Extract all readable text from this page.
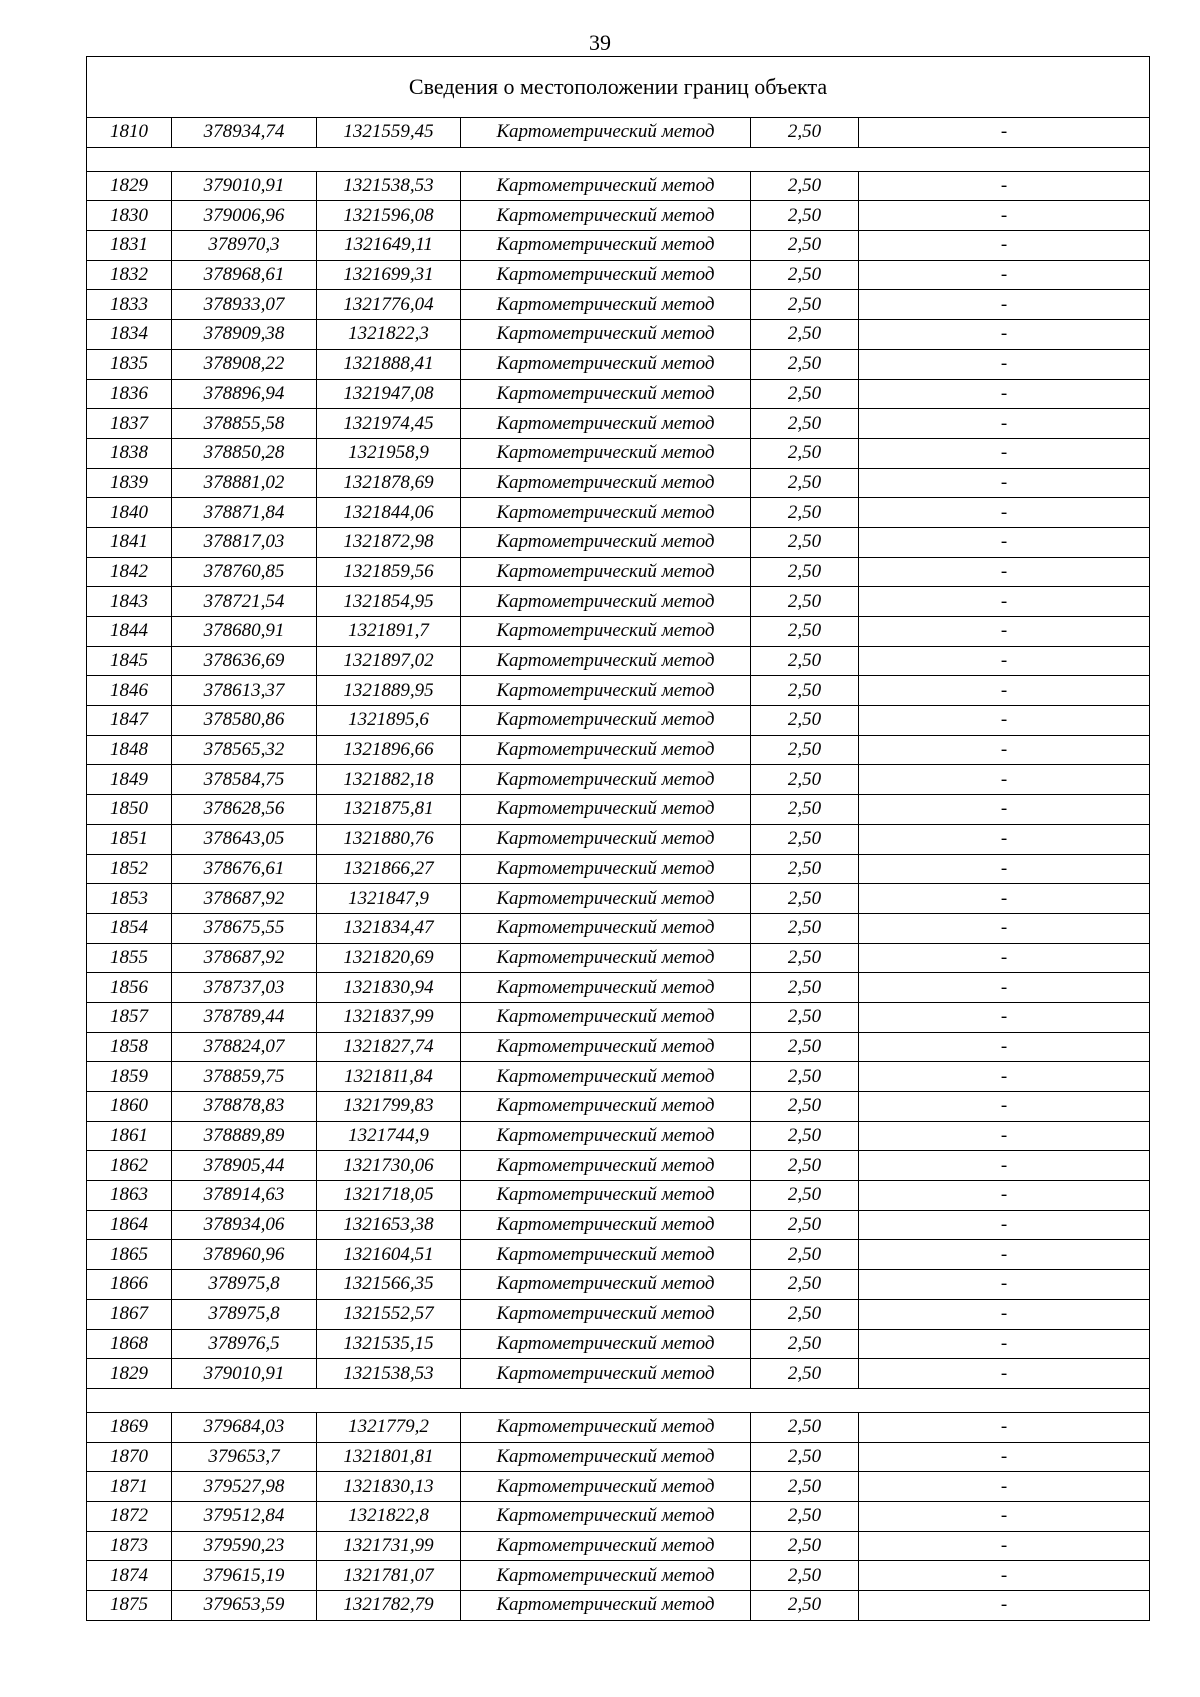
39
Сведения о местоположении границ объекта					
1810	378934,74	1321559,45	Картометрический метод	2,50	-

1829	379010,91	1321538,53	Картометрический метод	2,50	-
1830	379006,96	1321596,08	Картометрический метод	2,50	-
1831	378970,3	1321649,11	Картометрический метод	2,50	-
1832	378968,61	1321699,31	Картометрический метод	2,50	-
1833	378933,07	1321776,04	Картометрический метод	2,50	-
1834	378909,38	1321822,3	Картометрический метод	2,50	-
1835	378908,22	1321888,41	Картометрический метод	2,50	-
1836	378896,94	1321947,08	Картометрический метод	2,50	-
1837	378855,58	1321974,45	Картометрический метод	2,50	-
1838	378850,28	1321958,9	Картометрический метод	2,50	-
1839	378881,02	1321878,69	Картометрический метод	2,50	-
1840	378871,84	1321844,06	Картометрический метод	2,50	-
1841	378817,03	1321872,98	Картометрический метод	2,50	-
1842	378760,85	1321859,56	Картометрический метод	2,50	-
1843	378721,54	1321854,95	Картометрический метод	2,50	-
1844	378680,91	1321891,7	Картометрический метод	2,50	-
1845	378636,69	1321897,02	Картометрический метод	2,50	-
1846	378613,37	1321889,95	Картометрический метод	2,50	-
1847	378580,86	1321895,6	Картометрический метод	2,50	-
1848	378565,32	1321896,66	Картометрический метод	2,50	-
1849	378584,75	1321882,18	Картометрический метод	2,50	-
1850	378628,56	1321875,81	Картометрический метод	2,50	-
1851	378643,05	1321880,76	Картометрический метод	2,50	-
1852	378676,61	1321866,27	Картометрический метод	2,50	-
1853	378687,92	1321847,9	Картометрический метод	2,50	-
1854	378675,55	1321834,47	Картометрический метод	2,50	-
1855	378687,92	1321820,69	Картометрический метод	2,50	-
1856	378737,03	1321830,94	Картометрический метод	2,50	-
1857	378789,44	1321837,99	Картометрический метод	2,50	-
1858	378824,07	1321827,74	Картометрический метод	2,50	-
1859	378859,75	1321811,84	Картометрический метод	2,50	-
1860	378878,83	1321799,83	Картометрический метод	2,50	-
1861	378889,89	1321744,9	Картометрический метод	2,50	-
1862	378905,44	1321730,06	Картометрический метод	2,50	-
1863	378914,63	1321718,05	Картометрический метод	2,50	-
1864	378934,06	1321653,38	Картометрический метод	2,50	-
1865	378960,96	1321604,51	Картометрический метод	2,50	-
1866	378975,8	1321566,35	Картометрический метод	2,50	-
1867	378975,8	1321552,57	Картометрический метод	2,50	-
1868	378976,5	1321535,15	Картометрический метод	2,50	-
1829	379010,91	1321538,53	Картометрический метод	2,50	-

1869	379684,03	1321779,2	Картометрический метод	2,50	-
1870	379653,7	1321801,81	Картометрический метод	2,50	-
1871	379527,98	1321830,13	Картометрический метод	2,50	-
1872	379512,84	1321822,8	Картометрический метод	2,50	-
1873	379590,23	1321731,99	Картометрический метод	2,50	-
1874	379615,19	1321781,07	Картометрический метод	2,50	-
1875	379653,59	1321782,79	Картометрический метод	2,50	-
